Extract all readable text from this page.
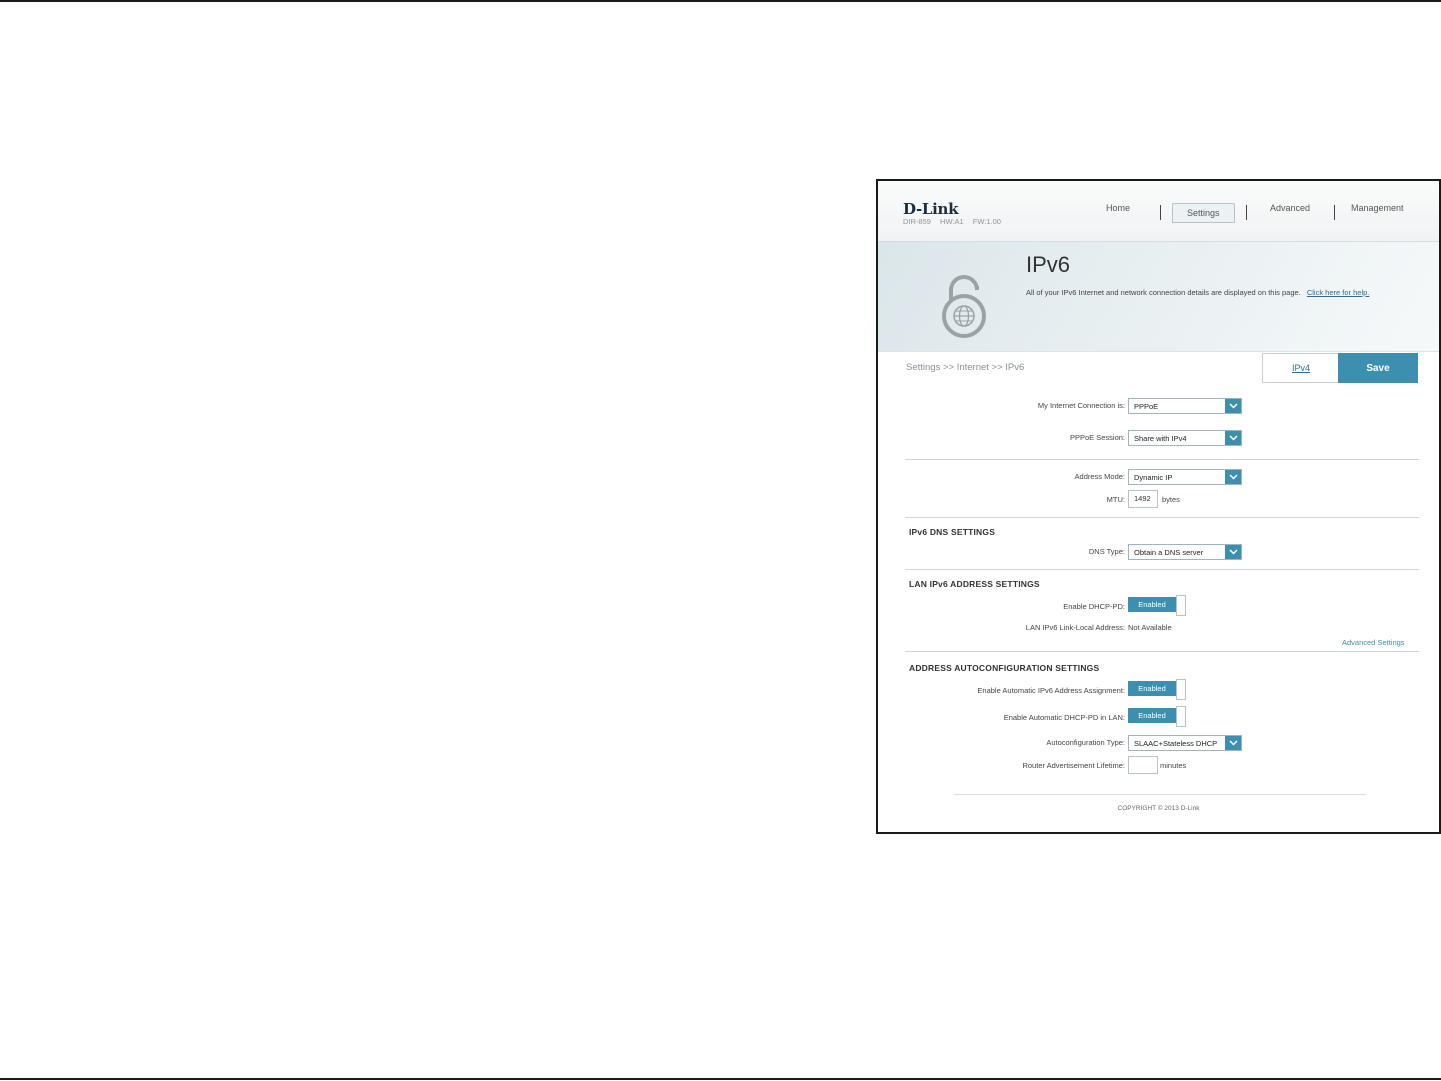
D-Link
DIR-859 HW:A1 FW:1.00
Home	Settings	Advanced	Management
IPv6
All of your IPv6 Internet and network connection details are displayed on this page. Click here for help.
Settings >> Internet >> IPv6	IPv4	Save
My Internet Connection is: PPPoE
PPPoE Session: Share with IPv4
Address Mode: Dynamic IP
MTU:	1492	bytes
IPv6 DNS SETTINGS
DNS Type: Obtain a DNS server
LAN IPv6 ADDRESS SETTINGS
Enable DHCP-PD:	Enabled
LAN IPv6 Link-Local Address: Not Available
Advanced Settings
ADDRESS AUTOCONFIGURATION SETTINGS
Enable Automatic IPv6 Address Assignment:	Enabled
Enable Automatic DHCP-PD in LAN:	Enabled
Autoconfiguration Type: SLAAC+Stateless DHCP
Router Advertisement Lifetime:	minutes
COPYRIGHT © 2013 D-Link
